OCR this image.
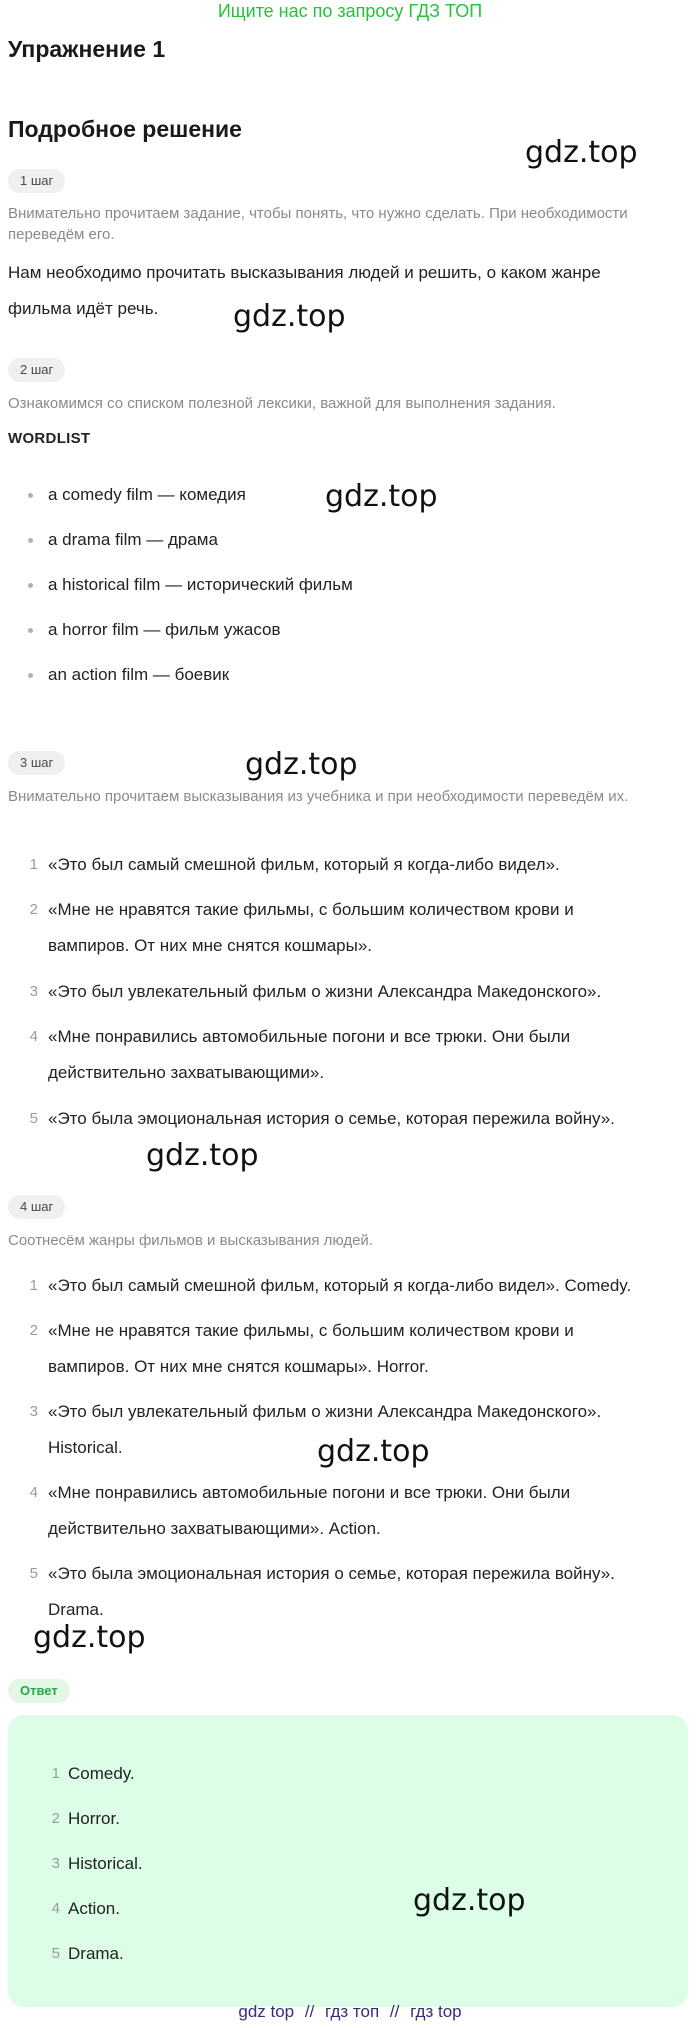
Ищите нас по запросу ГДЗ ТОП
Упражнение 1
Подробное решение
1 шаг
Внимательно прочитаем задание, чтобы понять, что нужно сделать. При необходимости переведём его.
Нам необходимо прочитать высказывания людей и решить, о каком жанре
фильма идёт речь.
2 шаг
Ознакомимся со списком полезной лексики, важной для выполнения задания.
WORDLIST
a comedy film — комедия
a drama film — драма
a historical film — исторический фильм
a horror film — фильм ужасов
an action film — боевик
3 шаг
Внимательно прочитаем высказывания из учебника и при необходимости переведём их.
1 «Это был самый смешной фильм, который я когда-либо видел».
2 «Мне не нравятся такие фильмы, с большим количеством крови и
вампиров. От них мне снятся кошмары».
3 «Это был увлекательный фильм о жизни Александра Македонского».
4 «Мне понравились автомобильные погони и все трюки. Они были
действительно захватывающими».
5 «Это была эмоциональная история о семье, которая пережила войну».
4 шаг
Соотнесём жанры фильмов и высказывания людей.
1 «Это был самый смешной фильм, который я когда-либо видел». Comedy.
2 «Мне не нравятся такие фильмы, с большим количеством крови и
вампиров. От них мне снятся кошмары». Horror.
3 «Это был увлекательный фильм о жизни Александра Македонского».
Historical.
4 «Мне понравились автомобильные погони и все трюки. Они были
действительно захватывающими». Action.
5 «Это была эмоциональная история о семье, которая пережила войну».
Drama.
Ответ
1 Comedy.
2 Horror.
3 Historical.
4 Action.
5 Drama.
gdz.top
gdz.top
gdz.top
gdz.top
gdz.top
gdz.top
gdz.top
gdz.top
gdz top // гдз топ // гдз top
